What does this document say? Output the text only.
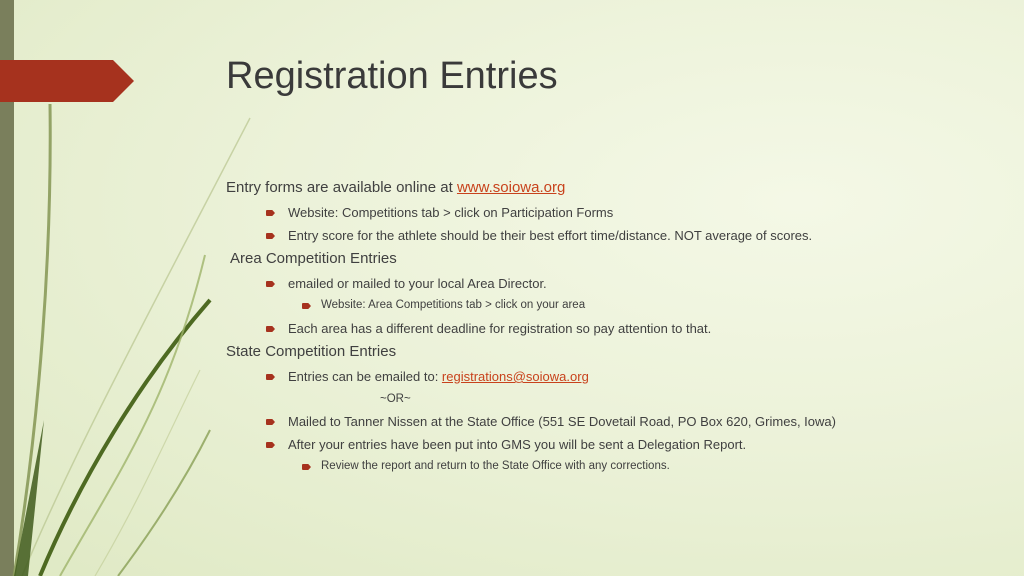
Registration Entries
Entry forms are available online at www.soiowa.org
Website: Competitions tab > click on Participation Forms
Entry score for the athlete should be their best effort time/distance. NOT average of scores.
Area Competition Entries
emailed or mailed to your local Area Director.
Website: Area Competitions tab > click on your area
Each area has a different deadline for registration so pay attention to that.
State Competition Entries
Entries can be emailed to: registrations@soiowa.org
~OR~
Mailed to Tanner Nissen at the State Office (551 SE Dovetail Road, PO Box 620, Grimes, Iowa)
After your entries have been put into GMS you will be sent a Delegation Report.
Review the report and return to the State Office with any corrections.
